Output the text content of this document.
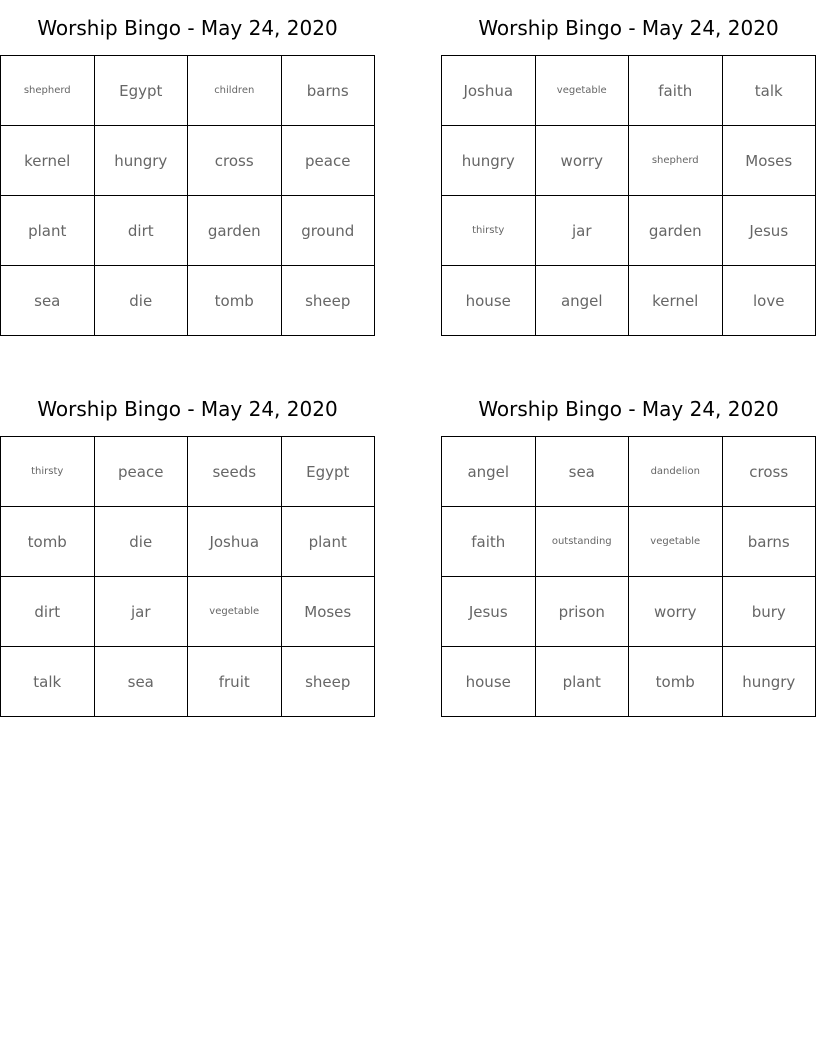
Worship Bingo - May 24, 2020
shepherd	Egypt	children	barns
kernel	hungry	cross	peace
plant	dirt	garden	ground
sea	die	tomb	sheep
Worship Bingo - May 24, 2020
Joshua	vegetable	faith	talk
hungry	worry	shepherd	Moses
thirsty	jar	garden	Jesus
house	angel	kernel	love
Worship Bingo - May 24, 2020
thirsty	peace	seeds	Egypt
tomb	die	Joshua	plant
dirt	jar	vegetable	Moses
talk	sea	fruit	sheep
Worship Bingo - May 24, 2020
angel	sea	dandelion	cross
faith	outstanding	vegetable	barns
Jesus	prison	worry	bury
house	plant	tomb	hungry
